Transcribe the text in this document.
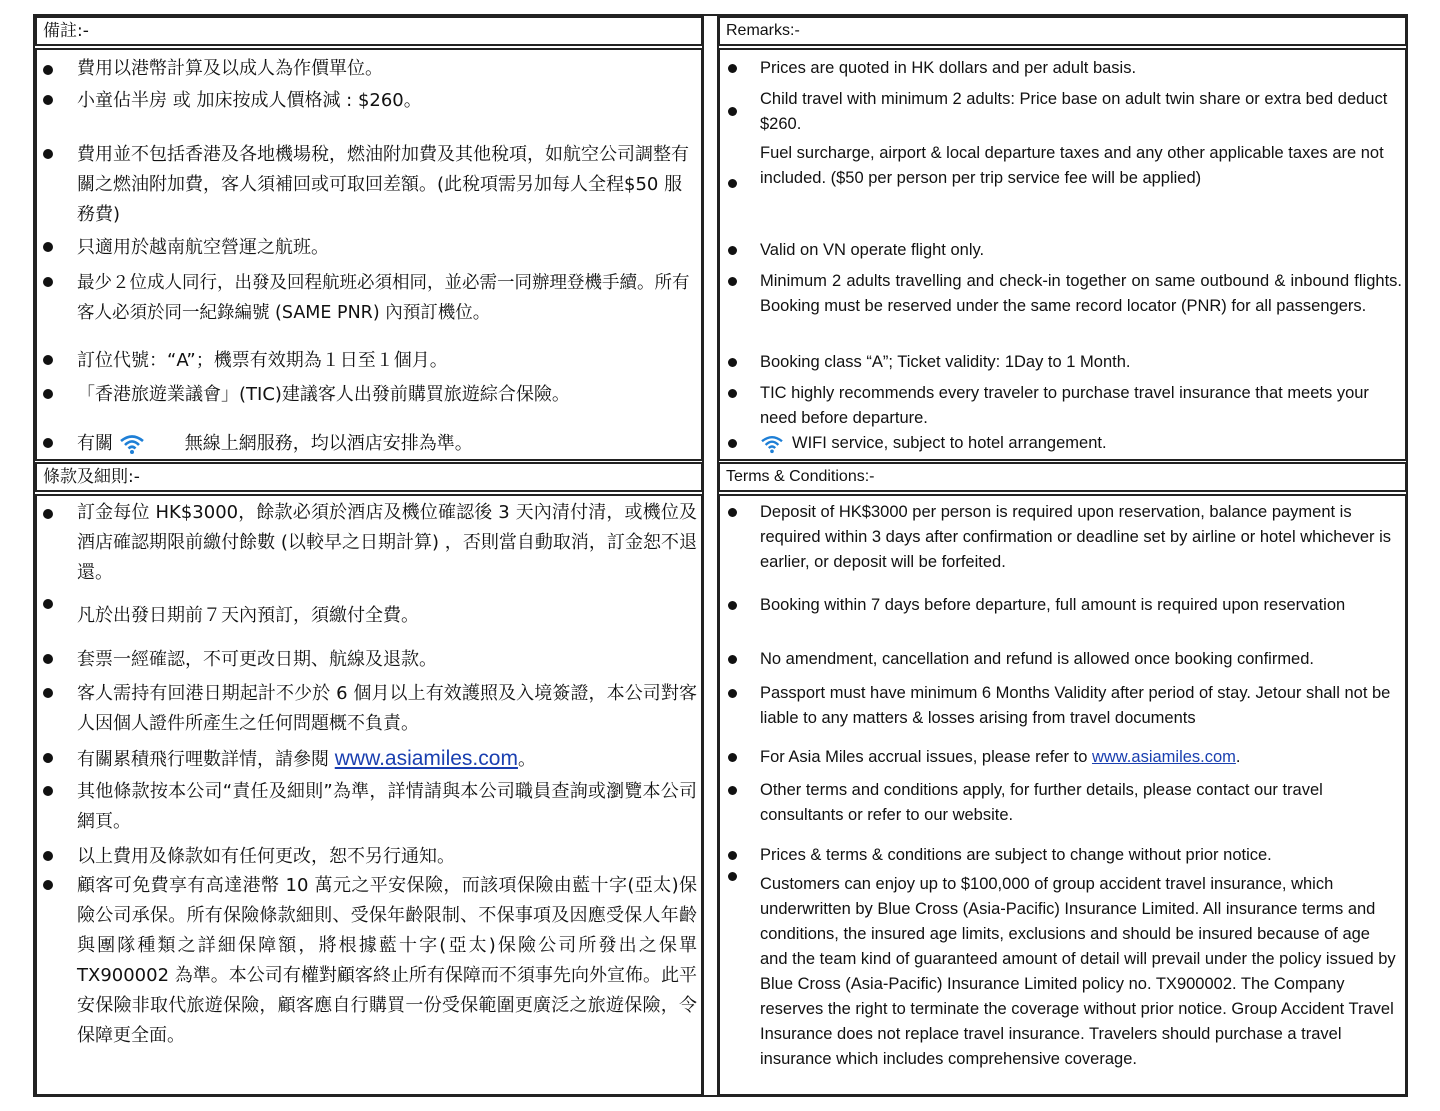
備註:-	Remarks:-
費用以港幣計算及以成人為作價單位。
小童佔半房 或 加床按成人價格減 : $260。
費用並不包括香港及各地機場稅，燃油附加費及其他稅項，如航空公司調整有關之燃油附加費，客人須補回或可取回差額。(此稅項需另加每人全程$50 服務費)
只適用於越南航空營運之航班。
最少２位成人同行，出發及回程航班必須相同，並必需一同辦理登機手續。所有客人必須於同一紀錄編號 (SAME PNR) 內預訂機位。
訂位代號：“A”；機票有效期為１日至１個月。
「香港旅遊業議會」(TIC)建議客人出發前購買旅遊綜合保險。
有關	無線上網服務，均以酒店安排為準。
Prices are quoted in HK dollars and per adult basis.
Child travel with minimum 2 adults: Price base on adult twin share or extra bed deduct $260.
Fuel surcharge, airport & local departure taxes and any other applicable taxes are not included. ($50 per person per trip service fee will be applied)
Valid on VN operate flight only.
Minimum 2 adults travelling and check-in together on same outbound & inbound flights. Booking must be reserved under the same record locator (PNR) for all passengers.
Booking class “A”; Ticket validity: 1Day to 1 Month.
TIC highly recommends every traveler to purchase travel insurance that meets your need before departure.
WIFI service, subject to hotel arrangement.
條款及細則:-	Terms & Conditions:-
訂金每位 HK$3000，餘款必須於酒店及機位確認後 3 天內清付清，或機位及酒店確認期限前繳付餘數 (以較早之日期計算) ，否則當自動取消，訂金恕不退還。
凡於出發日期前７天內預訂，須繳付全費。
套票一經確認，不可更改日期、航線及退款。
客人需持有回港日期起計不少於 6 個月以上有效護照及入境簽證，本公司對客人因個人證件所產生之任何問題概不負責。
有關累積飛行哩數詳情，請參閱 www.asiamiles.com。
其他條款按本公司“責任及細則”為準，詳情請與本公司職員查詢或瀏覽本公司網頁。
以上費用及條款如有任何更改，恕不另行通知。
顧客可免費享有高達港幣 10 萬元之平安保險，而該項保險由藍十字(亞太)保險公司承保。所有保險條款細則、受保年齡限制、不保事項及因應受保人年齡與團隊種類之詳細保障額，將根據藍十字(亞太)保險公司所發出之保單 TX900002 為準。本公司有權對顧客終止所有保障而不須事先向外宣佈。此平安保險非取代旅遊保險，顧客應自行購買一份受保範圍更廣泛之旅遊保險，令保障更全面。
Deposit of HK$3000 per person is required upon reservation, balance payment is required within 3 days after confirmation or deadline set by airline or hotel whichever is earlier, or deposit will be forfeited.
Booking within 7 days before departure, full amount is required upon reservation
No amendment, cancellation and refund is allowed once booking confirmed.
Passport must have minimum 6 Months Validity after period of stay. Jetour shall not be liable to any matters & losses arising from travel documents
For Asia Miles accrual issues, please refer to www.asiamiles.com.
Other terms and conditions apply, for further details, please contact our travel consultants or refer to our website.
Prices & terms & conditions are subject to change without prior notice.
Customers can enjoy up to $100,000 of group accident travel insurance, which underwritten by Blue Cross (Asia-Pacific) Insurance Limited. All insurance terms and conditions, the insured age limits, exclusions and should be insured because of age and the team kind of guaranteed amount of detail will prevail under the policy issued by Blue Cross (Asia-Pacific) Insurance Limited policy no. TX900002. The Company reserves the right to terminate the coverage without prior notice. Group Accident Travel Insurance does not replace travel insurance. Travelers should purchase a travel insurance which includes comprehensive coverage.
